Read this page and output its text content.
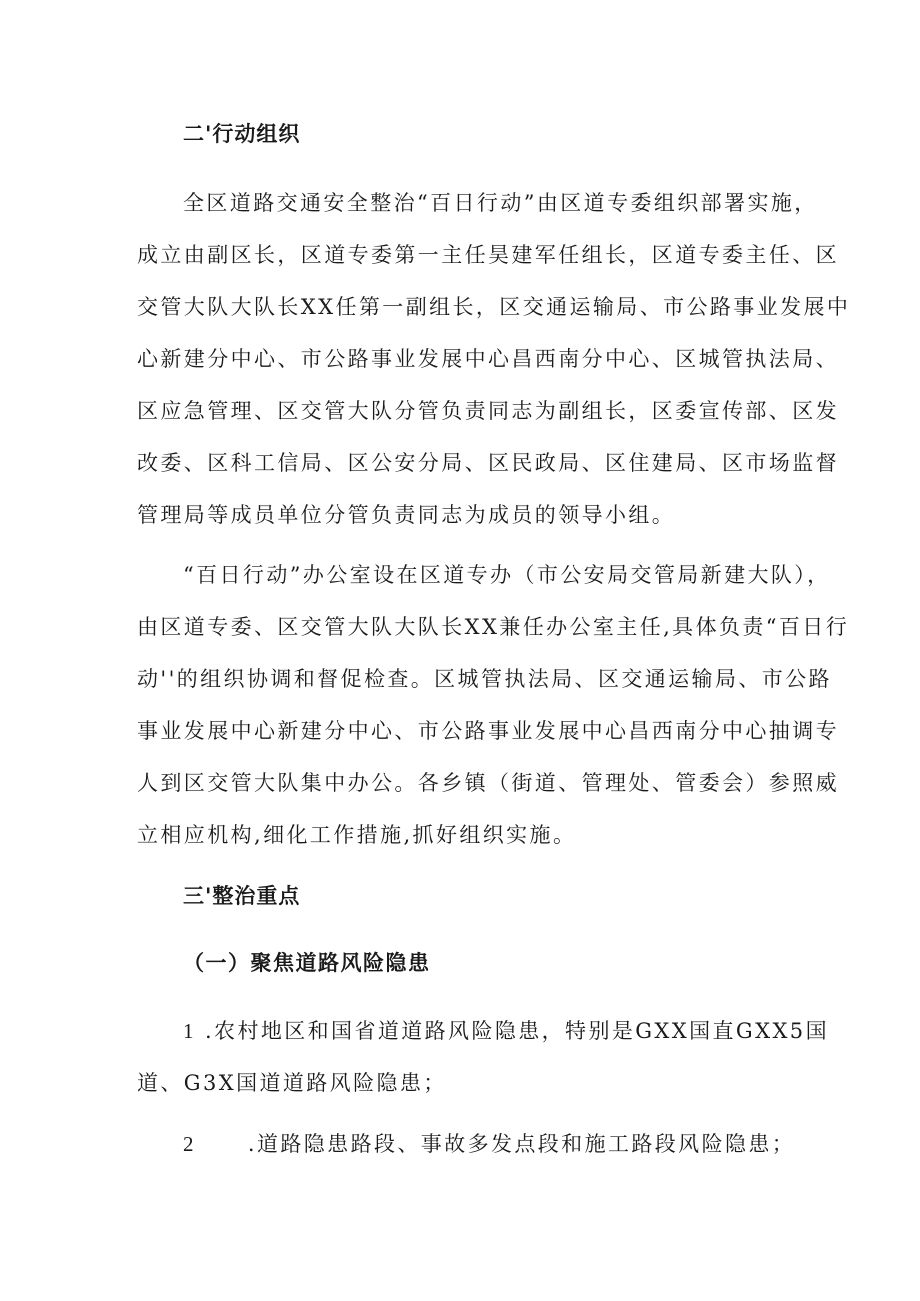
二'行动组织
全区道路交通安全整治“百日行动”由区道专委组织部署实施，
成立由副区长，区道专委第一主任昊建军任组长，区道专委主任、区
交管大队大队长XX任第一副组长，区交通运输局、市公路事业发展中
心新建分中心、市公路事业发展中心昌西南分中心、区城管执法局、
区应急管理、区交管大队分管负责同志为副组长，区委宣传部、区发
改委、区科工信局、区公安分局、区民政局、区住建局、区市场监督
管理局等成员单位分管负责同志为成员的领导小组。
“百日行动”办公室设在区道专办（市公安局交管局新建大队），
由区道专委、区交管大队大队长XX兼任办公室主任,具体负责“百日行
动''的组织协调和督促检查。区城管执法局、区交通运输局、市公路
事业发展中心新建分中心、市公路事业发展中心昌西南分中心抽调专
人到区交管大队集中办公。各乡镇（街道、管理处、管委会）参照威
立相应机构,细化工作措施,抓好组织实施。
三'整治重点
（一）聚焦道路风险隐患
1 .农村地区和国省道道路风险隐患，特别是GXX国直GXX5国
道、G3X国道道路风险隐患；
2 .道路隐患路段、事故多发点段和施工路段风险隐患；
